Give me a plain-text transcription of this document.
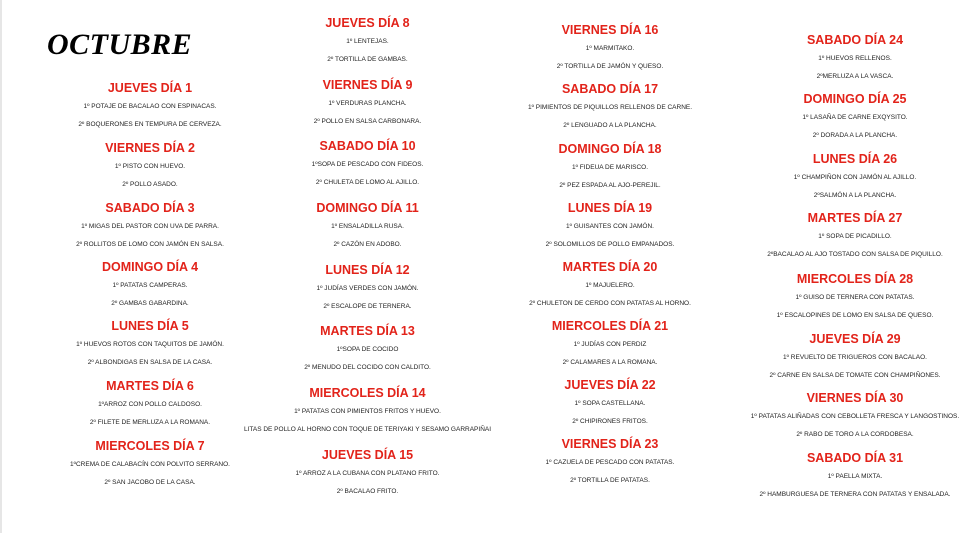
OCTUBRE

JUEVES DÍA 1

1º POTAJE DE BACALAO CON ESPINACAS.

2º BOQUERONES EN TEMPURA DE CERVEZA.

VIERNES DÍA 2

1º PISTO CON HUEVO.

2º POLLO ASADO.

SABADO DÍA 3

1º MIGAS DEL PASTOR CON UVA DE PARRA.

2º ROLLITOS DE LOMO CON JAMÓN EN SALSA.

DOMINGO DÍA 4

1º PATATAS CAMPERAS.

2º GAMBAS GABARDINA.

LUNES DÍA 5

1º HUEVOS ROTOS CON TAQUITOS DE JAMÓN.

2º ALBONDIGAS EN SALSA DE LA CASA.

MARTES DÍA 6

1ºARROZ CON POLLO CALDOSO.

2º FILETE DE MERLUZA A LA ROMANA.

MIERCOLES DÍA 7

1ºCREMA DE CALABACÍN CON POLVITO SERRANO.

2º SAN JACOBO DE LA CASA.

JUEVES DÍA 8

1º LENTEJAS.

2º TORTILLA DE GAMBAS.

VIERNES DÍA 9

1º VERDURAS PLANCHA.

2º POLLO EN SALSA CARBONARA.

SABADO DÍA 10

1ºSOPA DE PESCADO CON FIDEOS.

2º CHULETA DE LOMO AL AJILLO.

DOMINGO DÍA 11

1º ENSALADILLA RUSA.

2º CAZÓN EN ADOBO.

LUNES DÍA 12

1º JUDÍAS VERDES CON JAMÓN.

2º ESCALOPE DE TERNERA.

MARTES DÍA 13

1ºSOPA DE COCIDO

2º MENUDO DEL COCIDO CON CALDITO.

MIERCOLES DÍA 14

1º PATATAS CON PIMIENTOS FRITOS Y HUEVO.

LITAS DE POLLO AL HORNO CON TOQUE DE TERIYAKI Y SESAMO GARRAPIÑAI

JUEVES DÍA 15

1º ARROZ A LA CUBANA CON PLATANO FRITO.

2º BACALAO FRITO.

VIERNES DÍA 16

1º MARMITAKO.

2º TORTILLA DE JAMÓN Y QUESO.

SABADO DÍA 17

1º PIMIENTOS DE PIQUILLOS RELLENOS DE CARNE.

2º LENGUADO A LA PLANCHA.

DOMINGO DÍA 18

1º FIDEUA DE MARISCO.

2º PEZ ESPADA AL AJO-PEREJIL.

LUNES DÍA 19

1º GUISANTES CON JAMÓN.

2º SOLOMILLOS DE POLLO EMPANADOS.

MARTES DÍA 20

1º MAJUELERO.

2º CHULETON DE CERDO CON PATATAS AL HORNO.

MIERCOLES DÍA 21

1º JUDÍAS CON PERDIZ

2º CALAMARES A LA ROMANA.

JUEVES DÍA 22

1º SOPA CASTELLANA.

2º CHIPIRONES FRITOS.

VIERNES DÍA 23

1º CAZUELA DE PESCADO CON PATATAS.

2º TORTILLA DE PATATAS.

SABADO DÍA 24

1º HUEVOS RELLENOS.

2ºMERLUZA A LA VASCA.

DOMINGO DÍA 25

1º LASAÑA DE CARNE EXQYSITO.

2º DORADA A LA PLANCHA.

LUNES DÍA 26

1º CHAMPIÑON CON JAMÓN AL AJILLO.

2ºSALMÓN A LA PLANCHA.

MARTES DÍA 27

1º SOPA DE PICADILLO.

2ºBACALAO AL AJO TOSTADO CON SALSA DE PIQUILLO.

MIERCOLES DÍA 28

1º GUISO DE TERNERA CON PATATAS.

1º ESCALOPINES DE LOMO EN SALSA DE QUESO.

JUEVES DÍA 29

1º REVUELTO DE TRIGUEROS CON BACALAO.

2º CARNE EN SALSA DE TOMATE CON CHAMPIÑONES.

VIERNES DÍA 30

1º PATATAS ALIÑADAS CON CEBOLLETA FRESCA Y LANGOSTINOS.

2º RABO DE TORO A LA CORDOBESA.

SABADO DÍA 31

1º PAELLA MIXTA.

2º HAMBURGUESA DE TERNERA CON PATATAS Y ENSALADA.
